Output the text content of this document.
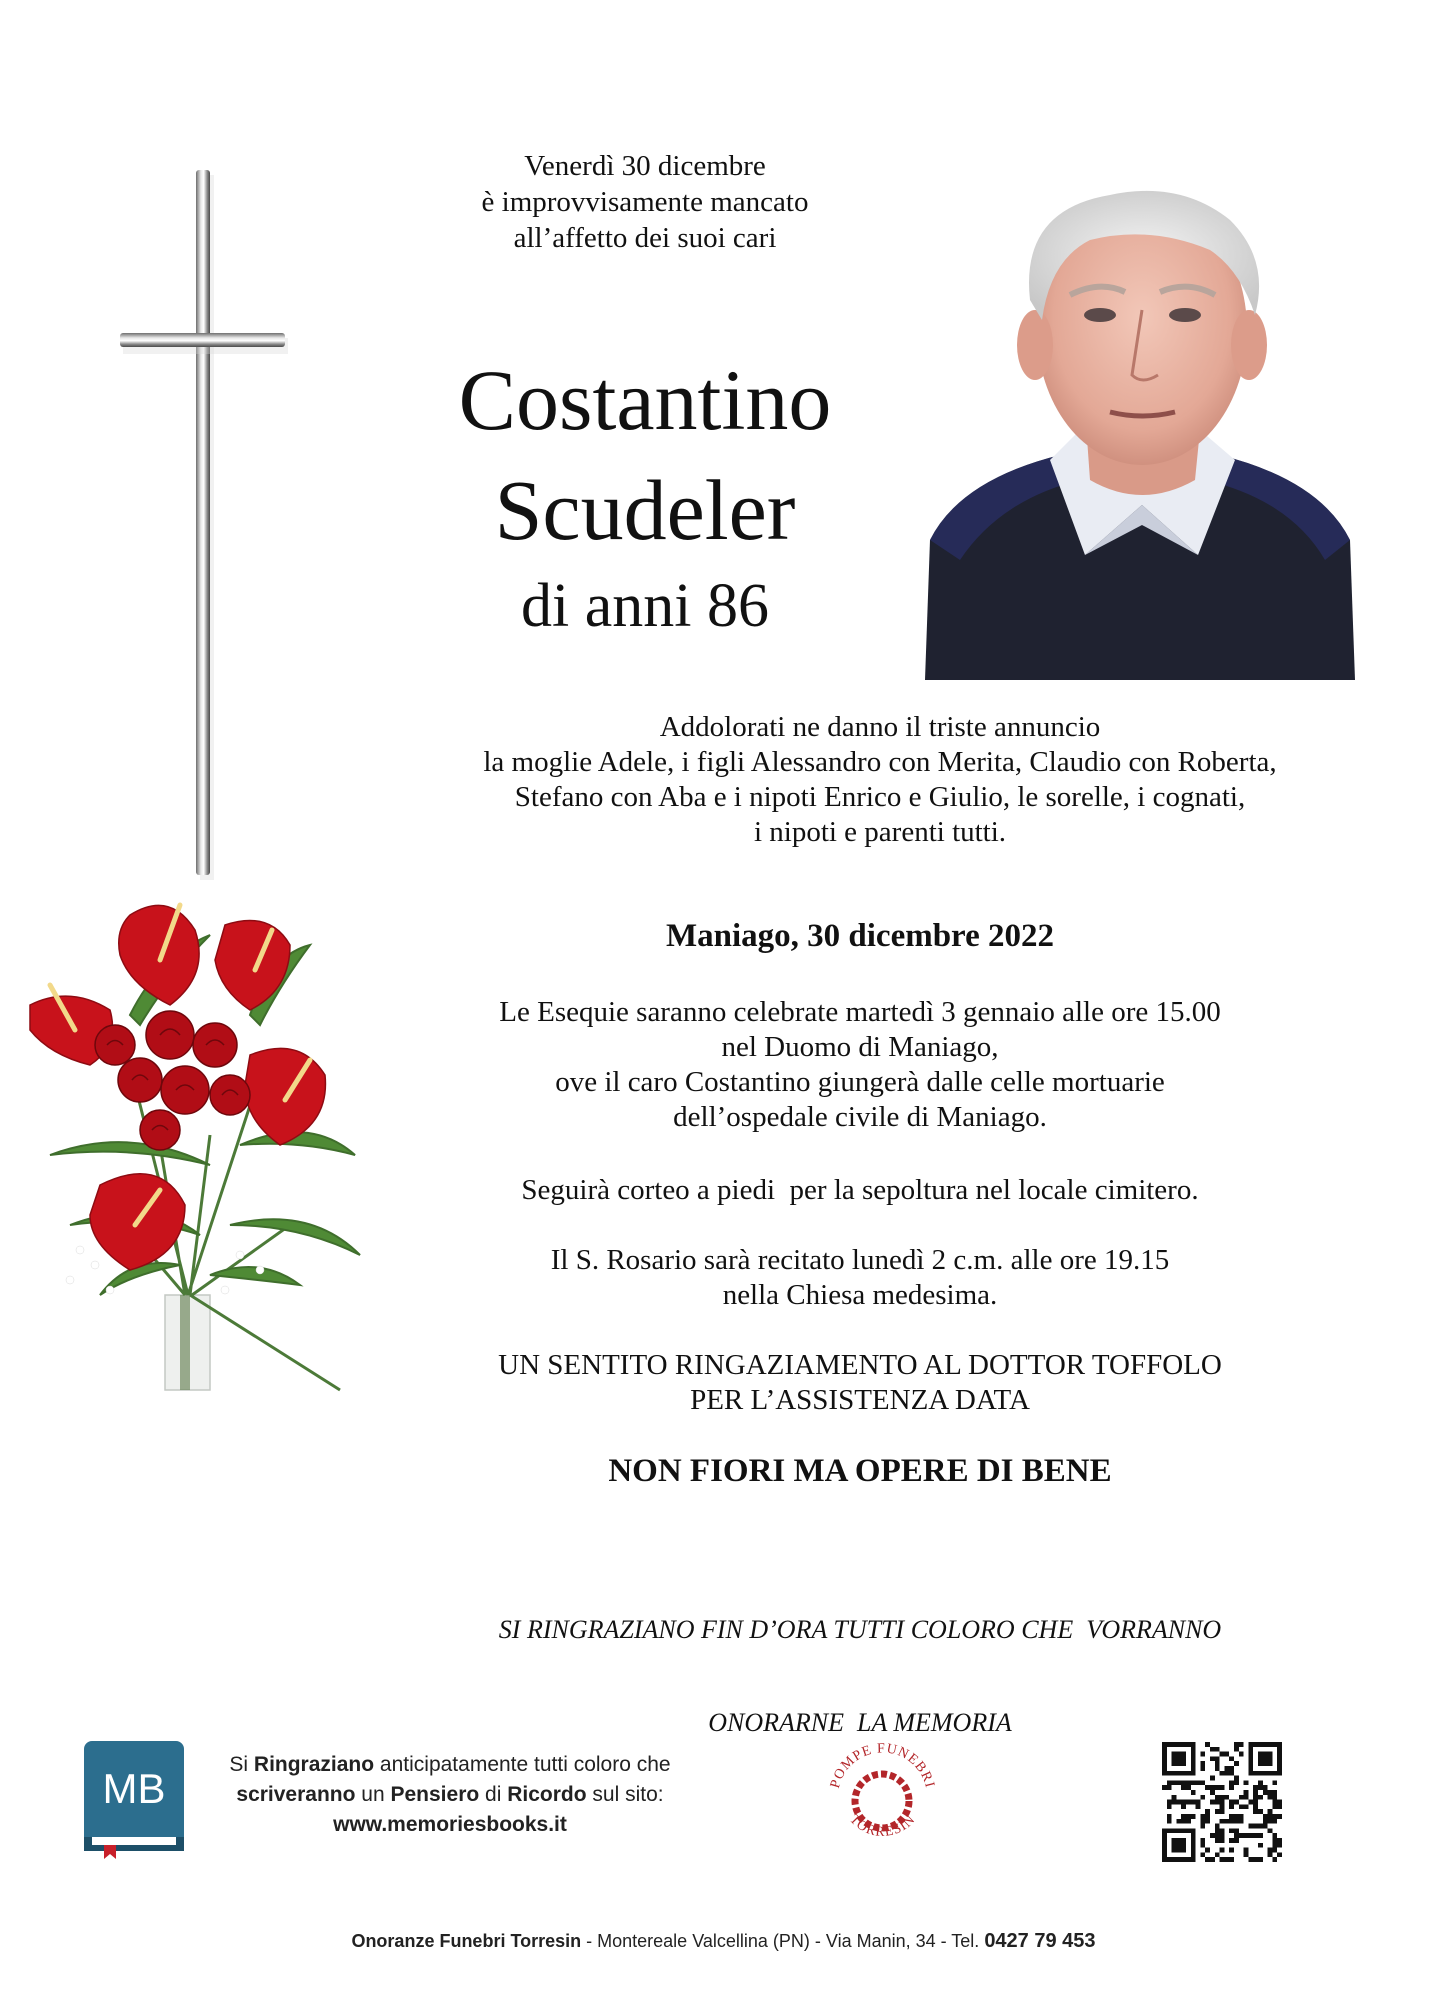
Venerdì 30 dicembre
è improvvisamente mancato
all’affetto dei suoi cari
Costantino
Scudeler
di anni 86
Addolorati ne danno il triste annuncio
la moglie Adele, i figli Alessandro con Merita, Claudio con Roberta,
Stefano con Aba e i nipoti Enrico e Giulio, le sorelle, i cognati,
i nipoti e parenti tutti.
Maniago, 30 dicembre 2022
Le Esequie saranno celebrate martedì 3 gennaio alle ore 15.00
nel Duomo di Maniago,
ove il caro Costantino giungerà dalle celle mortuarie
dell’ospedale civile di Maniago.
Seguirà corteo a piedi  per la sepoltura nel locale cimitero.
Il S. Rosario sarà recitato lunedì 2 c.m. alle ore 19.15
nella Chiesa medesima.
UN SENTITO RINGAZIAMENTO AL DOTTOR TOFFOLO
PER L’ASSISTENZA DATA
NON FIORI MA OPERE DI BENE

SI RINGRAZIANO FIN D’ORA TUTTI COLORO CHE  VORRANNO

ONORARNE  LA MEMORIA

MB
Si Ringraziano anticipatamente tutti coloro che
scriveranno un Pensiero di Ricordo sul sito:
www.memoriesbooks.it
POMPE FUNEBRI
TORRESIN
Onoranze Funebri Torresin - Montereale Valcellina (PN) - Via Manin, 34 - Tel. 0427 79 453
